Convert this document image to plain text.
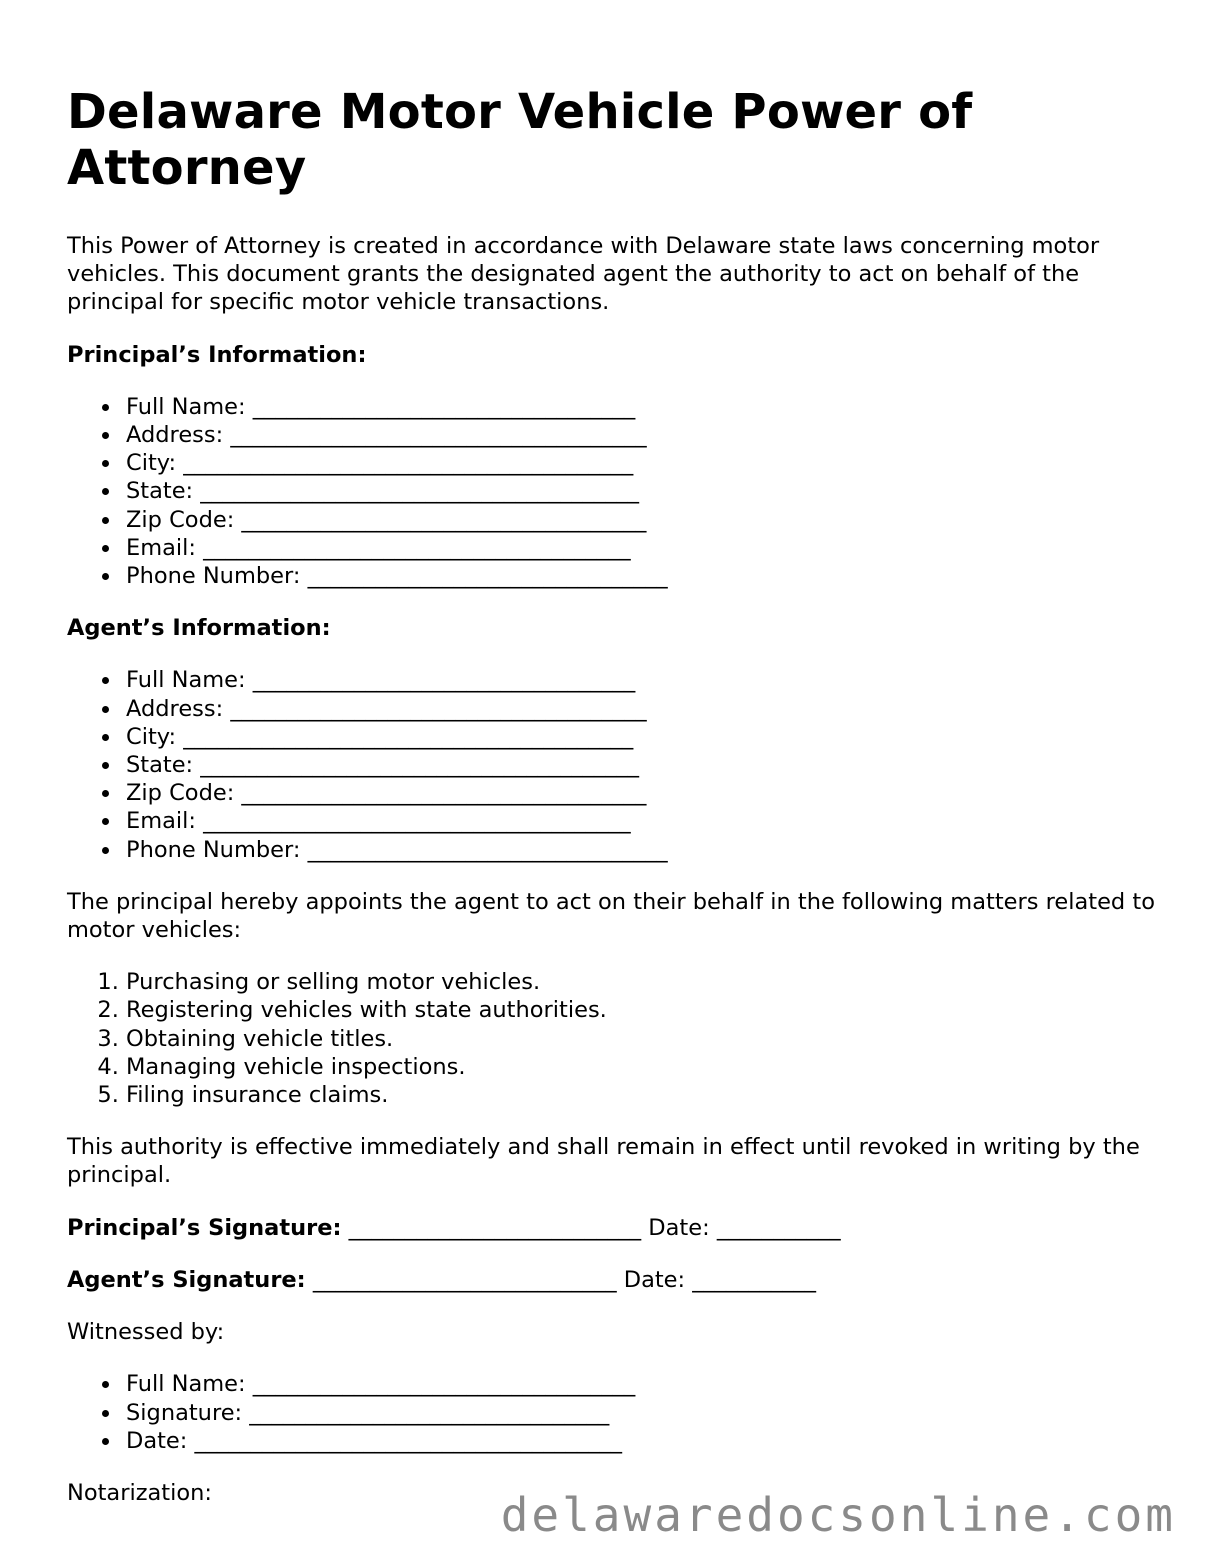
Delaware Motor Vehicle Power of Attorney

This Power of Attorney is created in accordance with Delaware state laws concerning motor vehicles. This document grants the designated agent the authority to act on behalf of the principal for specific motor vehicle transactions.

Principal’s Information:

Full Name: __________________________________
Address: _____________________________________
City: ________________________________________
State: _______________________________________
Zip Code: ____________________________________
Email: ______________________________________
Phone Number: ________________________________

Agent’s Information:

Full Name: __________________________________
Address: _____________________________________
City: ________________________________________
State: _______________________________________
Zip Code: ____________________________________
Email: ______________________________________
Phone Number: ________________________________

The principal hereby appoints the agent to act on their behalf in the following matters related to motor vehicles:

1. Purchasing or selling motor vehicles.
2. Registering vehicles with state authorities.
3. Obtaining vehicle titles.
4. Managing vehicle inspections.
5. Filing insurance claims.

This authority is effective immediately and shall remain in effect until revoked in writing by the principal.

Principal’s Signature: __________________________ Date: ___________

Agent’s Signature: ___________________________ Date: ___________

Witnessed by:

Full Name: __________________________________
Signature: ________________________________
Date: ______________________________________

Notarization:	delawaredocsonline.com
